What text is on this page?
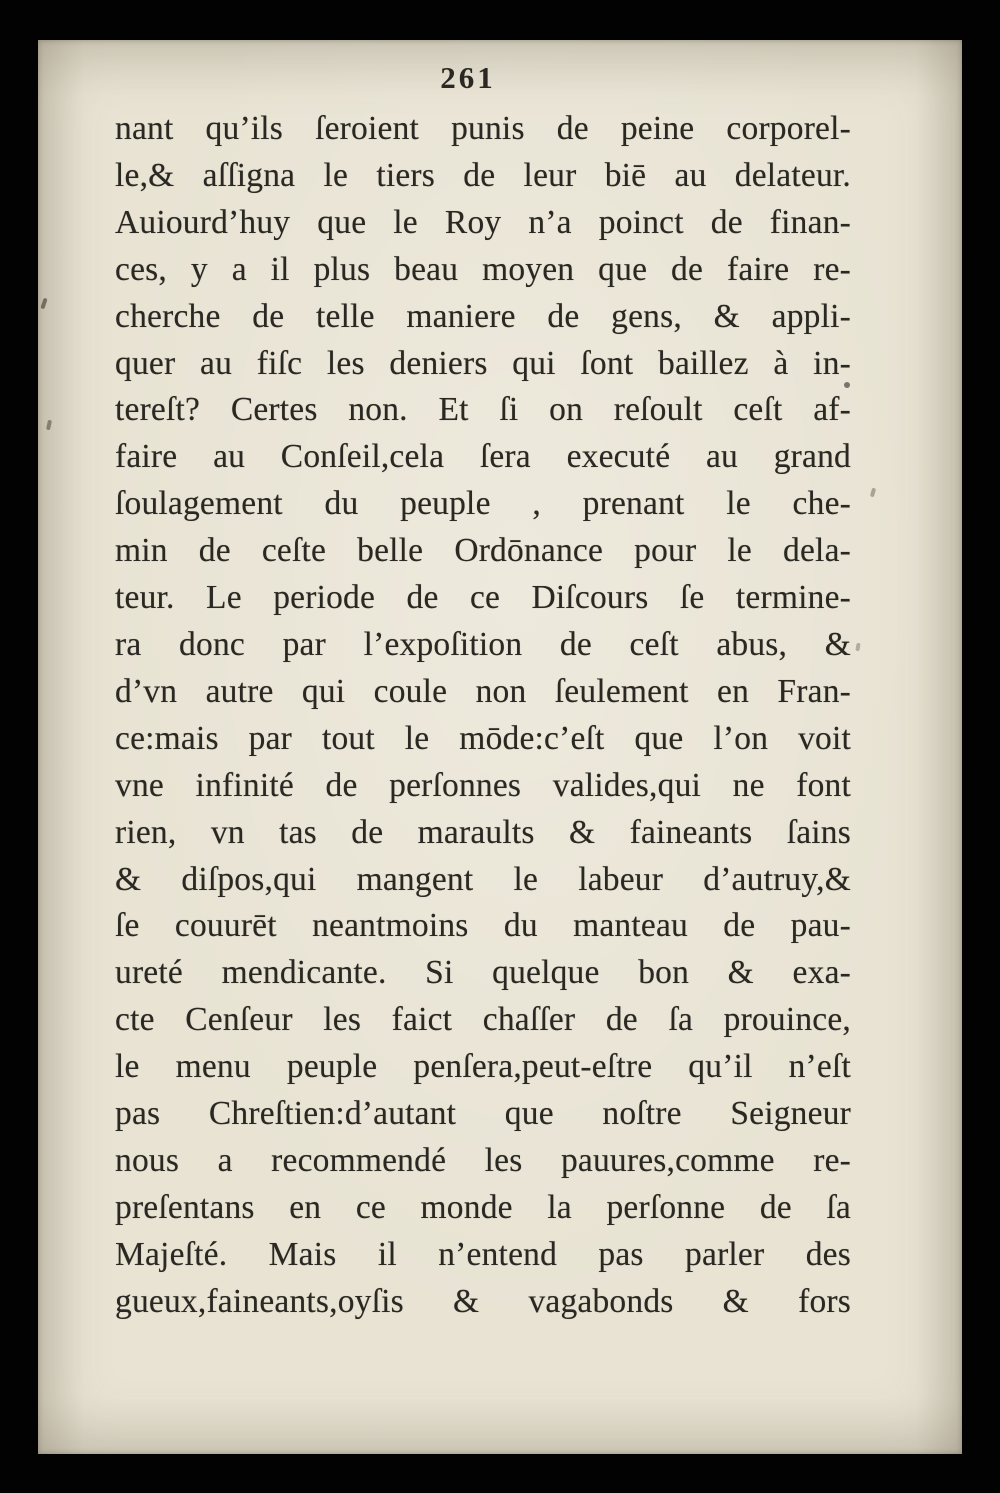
261

nant qu’ils ſeroient punis de peine corporel-

le,& aſſigna le tiers de leur biē au delateur.

Auiourd’huy que le Roy n’a poinct de finan-

ces, y a il plus beau moyen que de faire re-

cherche de telle maniere de gens, & appli-

quer au fiſc les deniers qui ſont baillez à in-

tereſt? Certes non. Et ſi on reſoult ceſt af-

faire au Conſeil,cela ſera executé au grand

ſoulagement du peuple , prenant le che-

min de ceſte belle Ordōnance pour le dela-

teur. Le periode de ce Diſcours ſe termine-

ra donc par l’expoſition de ceſt abus, &

d’vn autre qui coule non ſeulement en Fran-

ce:mais par tout le mōde:c’eſt que l’on voit

vne infinité de perſonnes valides,qui ne font

rien, vn tas de maraults & faineants ſains

& diſpos,qui mangent le labeur d’autruy,&

ſe couurēt neantmoins du manteau de pau-

ureté mendicante. Si quelque bon & exa-

cte Cenſeur les faict chaſſer de ſa prouince,

le menu peuple penſera,peut-eſtre qu’il n’eſt

pas Chreſtien:d’autant que noſtre Seigneur

nous a recommendé les pauures,comme re-

preſentans en ce monde la perſonne de ſa

Majeſté. Mais il n’entend pas parler des

gueux,faineants,oyſis & vagabonds & fors
